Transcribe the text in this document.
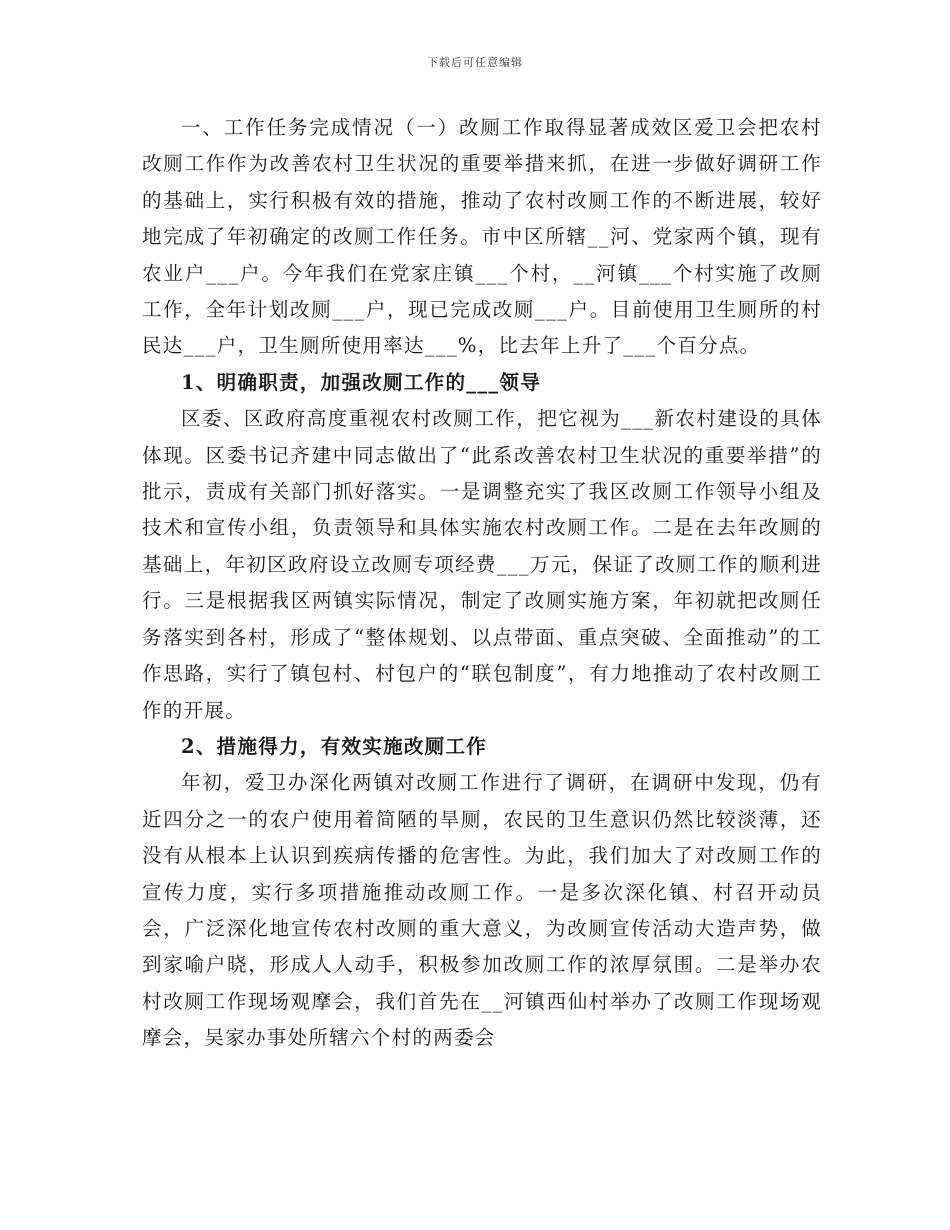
下载后可任意编辑

一、工作任务完成情况（一）改厕工作取得显著成效区爱卫会把农村改厕工作作为改善农村卫生状况的重要举措来抓，在进一步做好调研工作的基础上，实行积极有效的措施，推动了农村改厕工作的不断进展，较好地完成了年初确定的改厕工作任务。市中区所辖__河、党家两个镇，现有农业户___户。今年我们在党家庄镇___个村，__河镇___个村实施了改厕工作，全年计划改厕___户，现已完成改厕___户。目前使用卫生厕所的村民达___户，卫生厕所使用率达___%，比去年上升了___个百分点。

1、明确职责，加强改厕工作的___领导

区委、区政府高度重视农村改厕工作，把它视为___新农村建设的具体体现。区委书记齐建中同志做出了“此系改善农村卫生状况的重要举措”的批示，责成有关部门抓好落实。一是调整充实了我区改厕工作领导小组及技术和宣传小组，负责领导和具体实施农村改厕工作。二是在去年改厕的基础上，年初区政府设立改厕专项经费___万元，保证了改厕工作的顺利进行。三是根据我区两镇实际情况，制定了改厕实施方案，年初就把改厕任务落实到各村，形成了“整体规划、以点带面、重点突破、全面推动”的工作思路，实行了镇包村、村包户的“联包制度”，有力地推动了农村改厕工作的开展。

2、措施得力，有效实施改厕工作

年初，爱卫办深化两镇对改厕工作进行了调研，在调研中发现，仍有近四分之一的农户使用着简陋的旱厕，农民的卫生意识仍然比较淡薄，还没有从根本上认识到疾病传播的危害性。为此，我们加大了对改厕工作的宣传力度，实行多项措施推动改厕工作。一是多次深化镇、村召开动员会，广泛深化地宣传农村改厕的重大意义，为改厕宣传活动大造声势，做到家喻户晓，形成人人动手，积极参加改厕工作的浓厚氛围。二是举办农村改厕工作现场观摩会，我们首先在__河镇西仙村举办了改厕工作现场观摩会，吴家办事处所辖六个村的两委会
